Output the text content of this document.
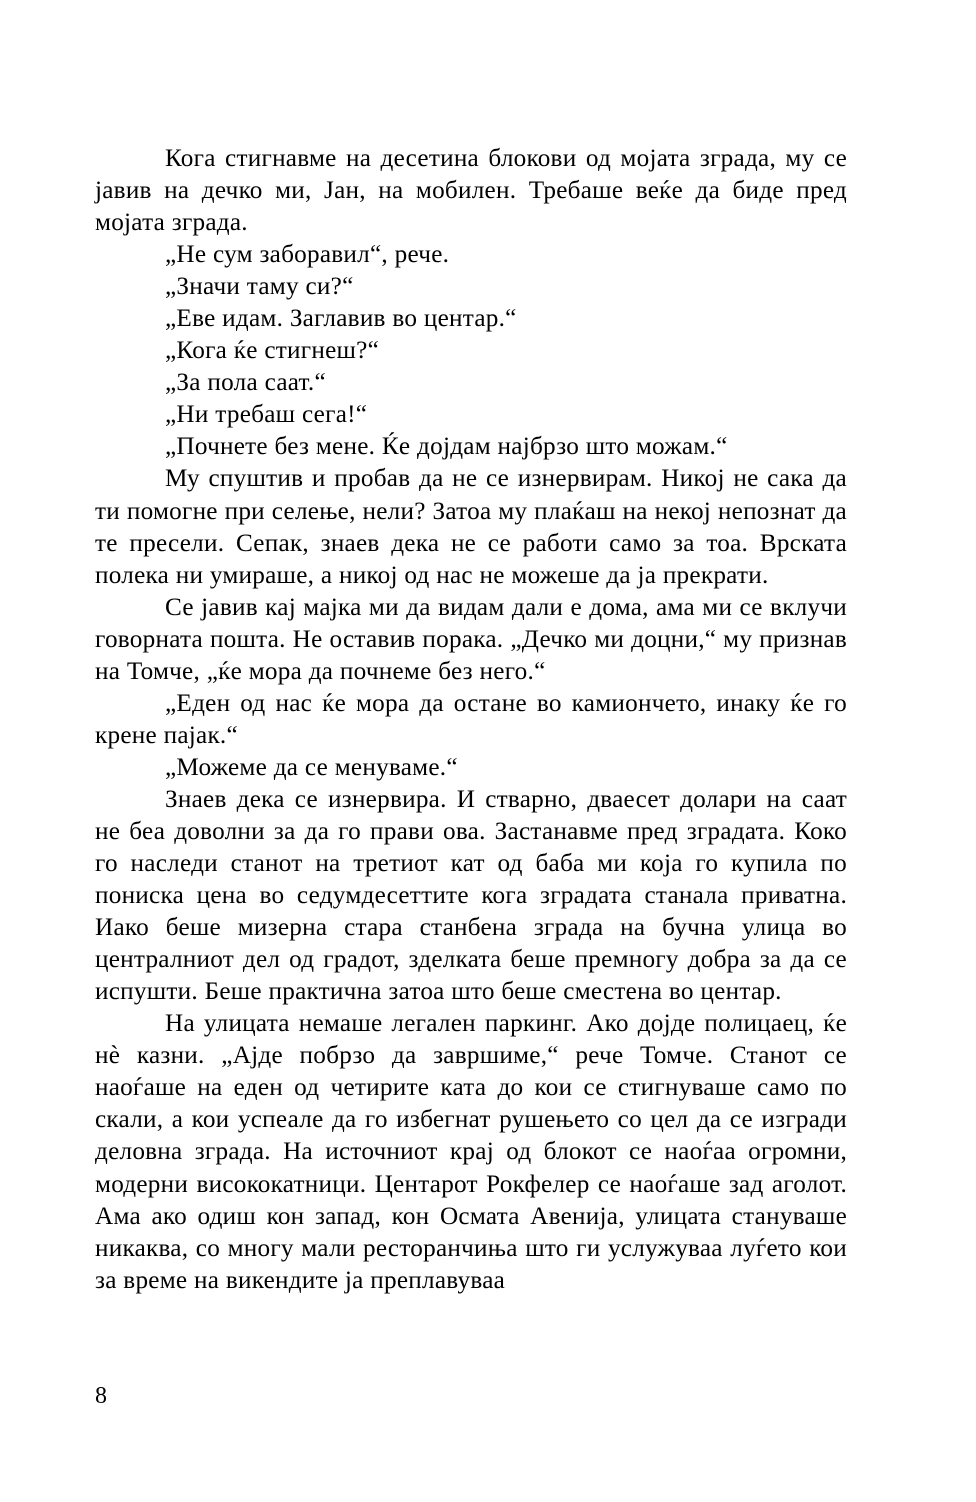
Кога стигнавме на десетина блокови од мојата зграда, му се јавив на дечко ми, Јан, на мобилен. Требаше веќе да биде пред мојата зграда.

„Не сум заборавил“, рече.

„Значи таму си?“

„Еве идам. Заглавив во центар.“

„Кога ќе стигнеш?“

„За пола саат.“

„Ни требаш сега!“

„Почнете без мене. Ќе дојдам најбрзо што можам.“

Му спуштив и пробав да не се изнервирам. Никој не сака да ти помогне при селење, нели? Затоа му плаќаш на некој непознат да те пресели. Сепак, знаев дека не се работи само за тоа. Врската полека ни умираше, а никој од нас не можеше да ја прекрати.

Се јавив кај мајка ми да видам дали е дома, ама ми се вклучи говорната пошта. Не оставив порака. „Дечко ми доцни,“ му признав на Томче, „ќе мора да почнеме без него.“

„Еден од нас ќе мора да остане во камиончето, инаку ќе го крене пајак.“

„Можеме да се менуваме.“

Знаев дека се изнервира. И стварно, дваесет долари на саат не беа доволни за да го прави ова. Застанавме пред зградата. Коко го наследи станот на третиот кат од баба ми која го купила по пониска цена во седумдесеттите кога зградата станала приватна. Иако беше мизерна стара станбена зграда на бучна улица во централниот дел од градот, зделката беше премногу добра за да се испушти. Беше практична затоа што беше сместена во центар.

На улицата немаше легален паркинг. Ако дојде полицаец, ќе нè казни. „Ајде побрзо да завршиме,“ рече Томче. Станот се наоѓаше на еден од четирите ката до кои се стигнуваше само по скали, а кои успеале да го избегнат рушењето со цел да се изгради деловна зграда. На источниот крај од блокот се наоѓаа огромни, модерни висококатници. Центарот Рокфелер се наоѓаше зад аголот. Ама ако одиш кон запад, кон Осмата Авенија, улицата стануваше никаква, со многу мали ресторанчиња што ги услужуваа луѓето кои за време на викендите ја преплавуваа

8
